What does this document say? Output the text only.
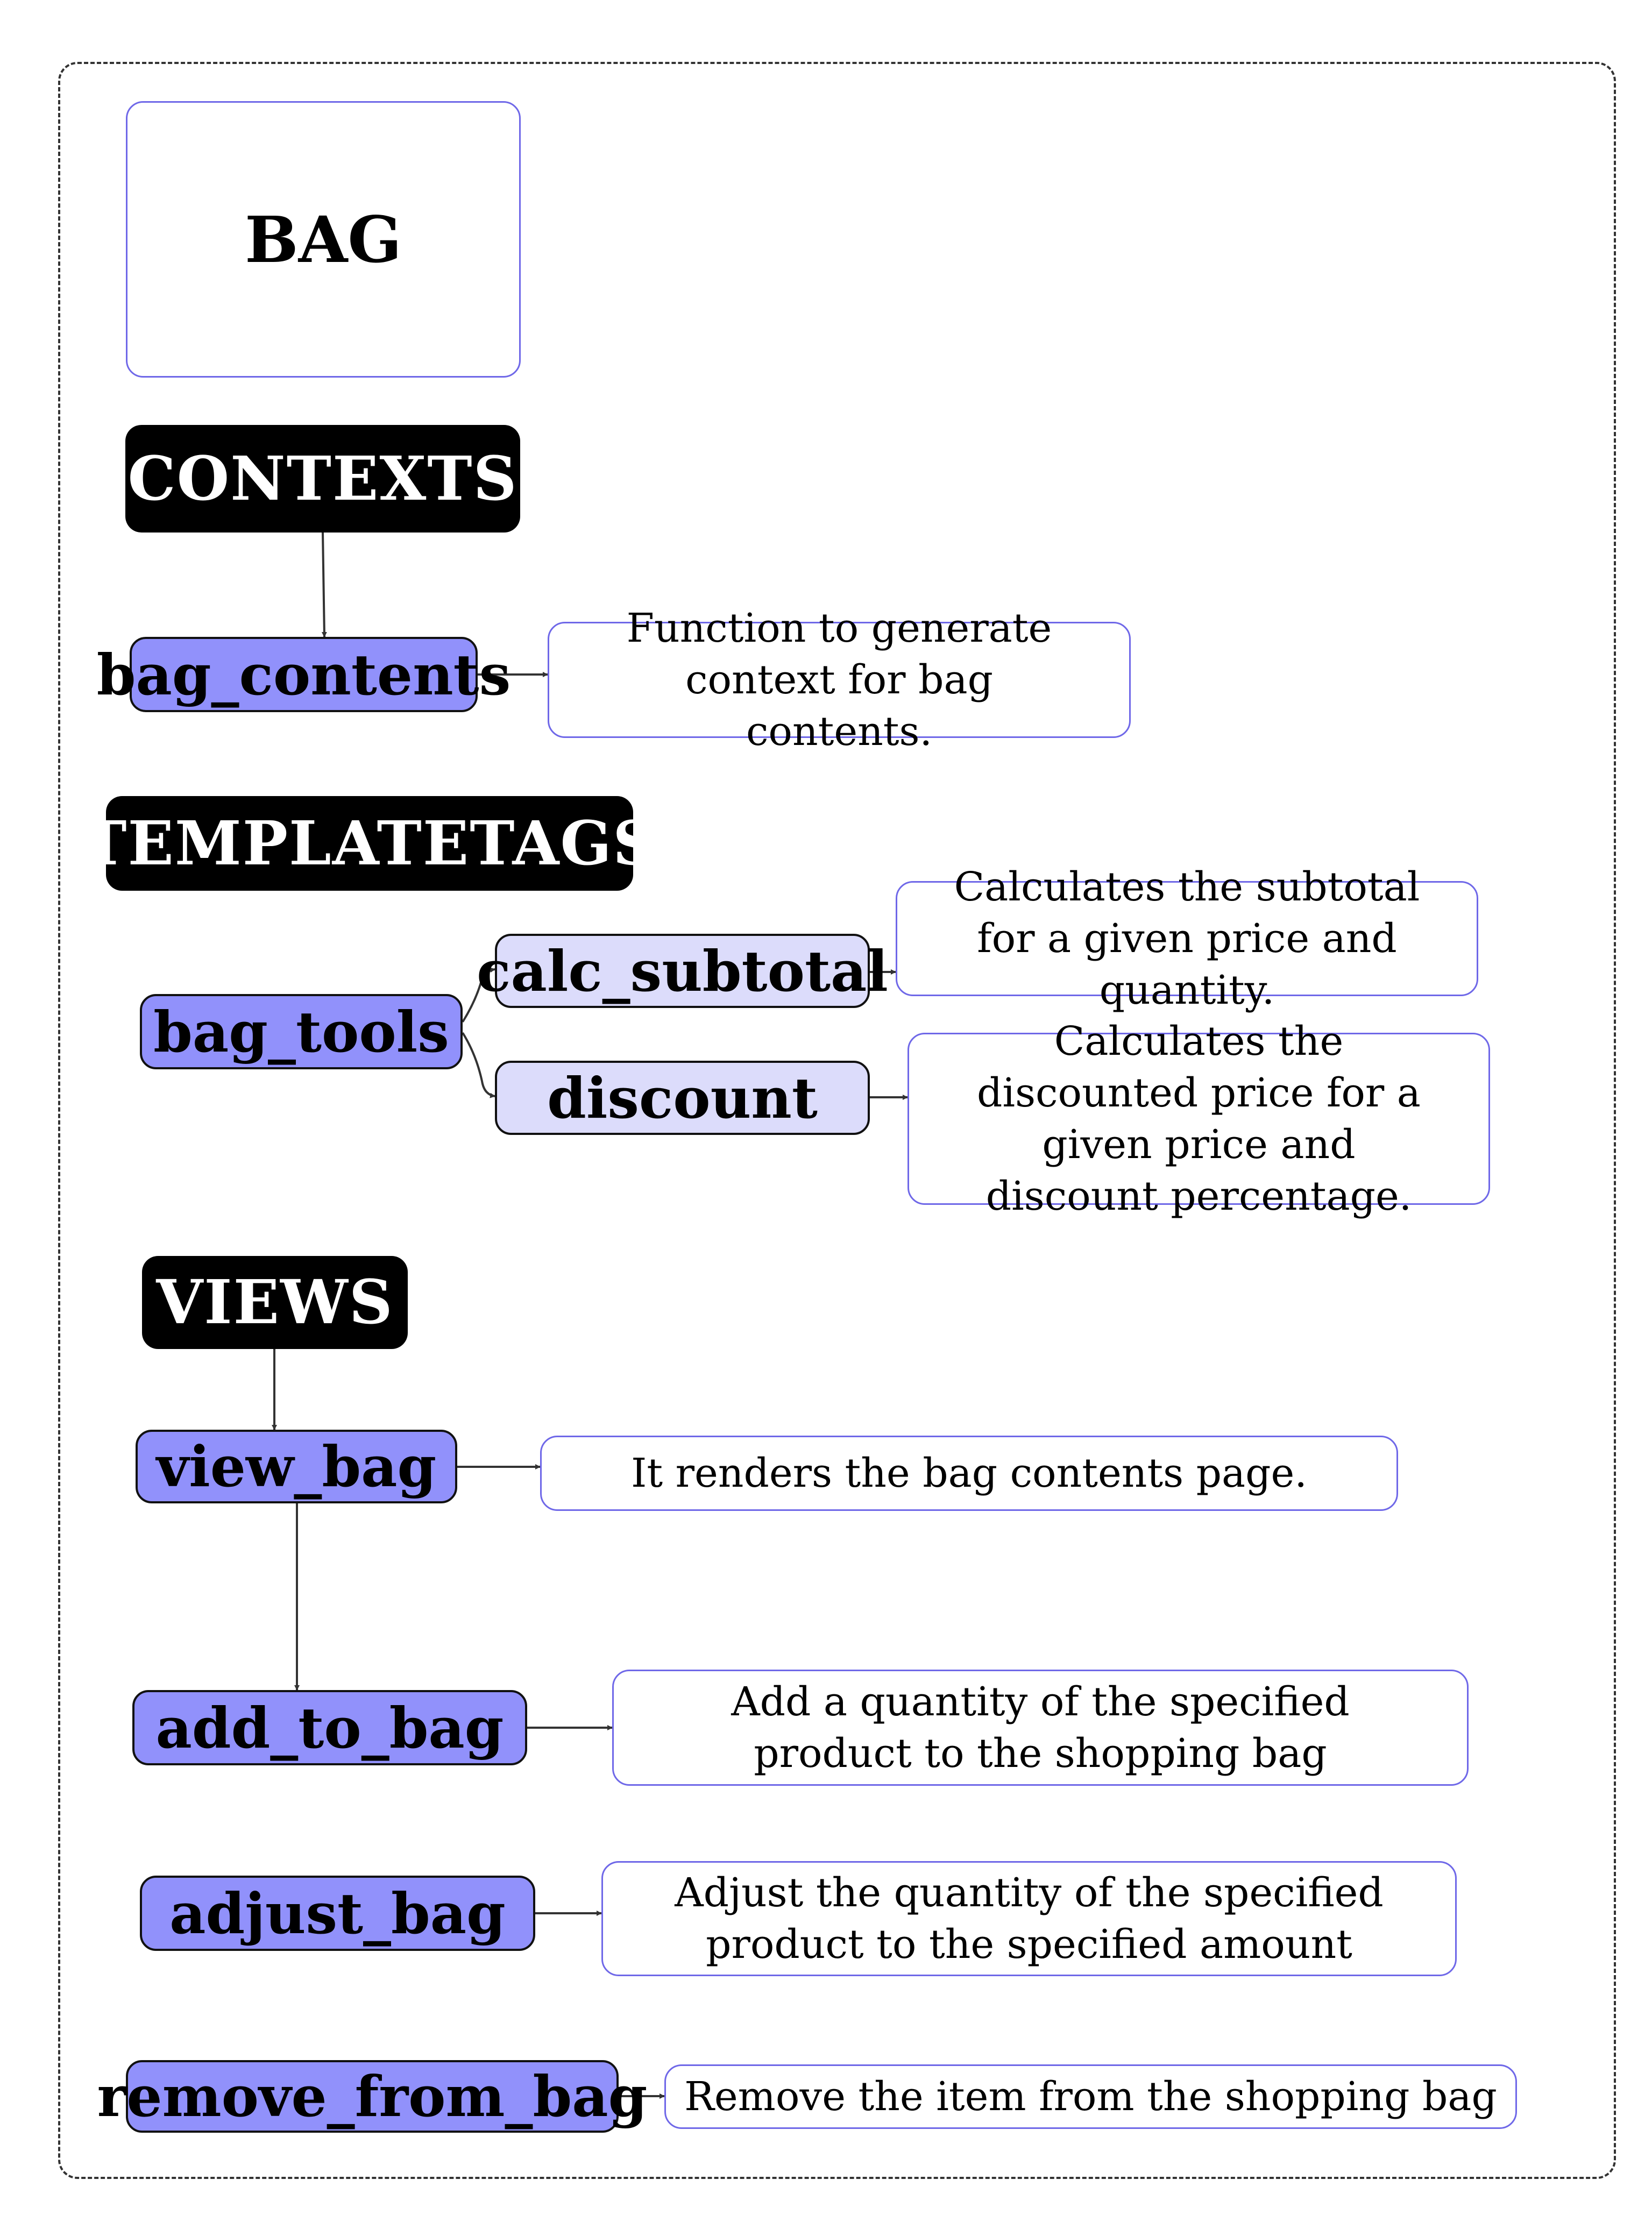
BAG
CONTEXTS
bag_contents
Function to generate context for bag contents.
TEMPLATETAGS
bag_tools
calc_subtotal
Calculates the subtotal for a given price and quantity.
discount
Calculates the discounted price for a given price and discount percentage.
VIEWS
view_bag	It renders the bag contents page.
add_to_bag	Add a quantity of the specified product to the shopping bag
adjust_bag	Adjust the quantity of the specified product to the specified amount
remove_from_bag Remove the item from the shopping bag
